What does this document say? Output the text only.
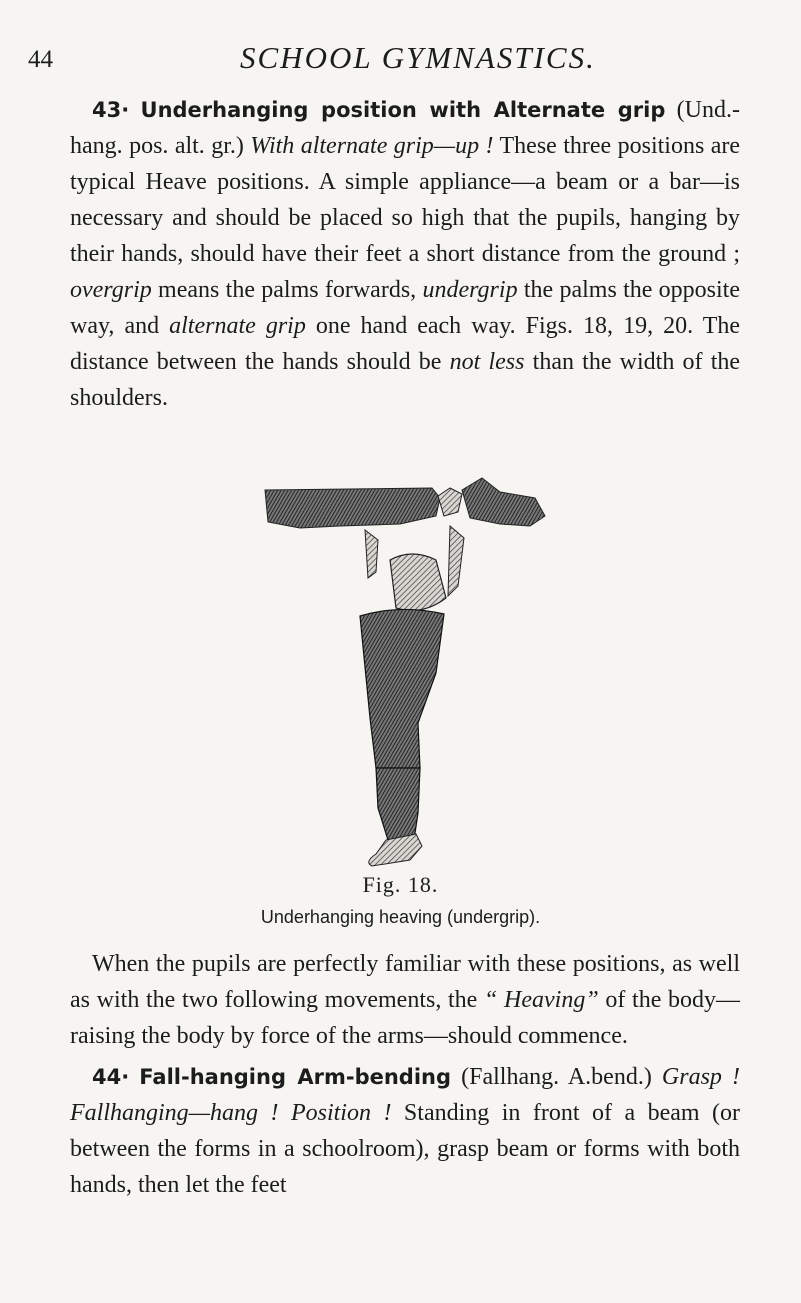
44	SCHOOL GYMNASTICS.

43· Underhanging position with Alternate grip (Und.-hang. pos. alt. gr.) With alternate grip—up ! These three positions are typical Heave positions. A simple appliance—a beam or a bar—is necessary and should be placed so high that the pupils, hanging by their hands, should have their feet a short distance from the ground ; overgrip means the palms forwards, undergrip the palms the opposite way, and alternate grip one hand each way. Figs. 18, 19, 20. The distance between the hands should be not less than the width of the shoulders.

Fig. 18.
Underhanging heaving (undergrip).

When the pupils are perfectly familiar with these positions, as well as with the two following movements, the “ Heaving” of the body—raising the body by force of the arms—should commence.

44· Fall-hanging Arm-bending (Fallhang. A.bend.) Grasp ! Fallhanging—hang ! Position ! Standing in front of a beam (or between the forms in a schoolroom), grasp beam or forms with both hands, then let the feet
